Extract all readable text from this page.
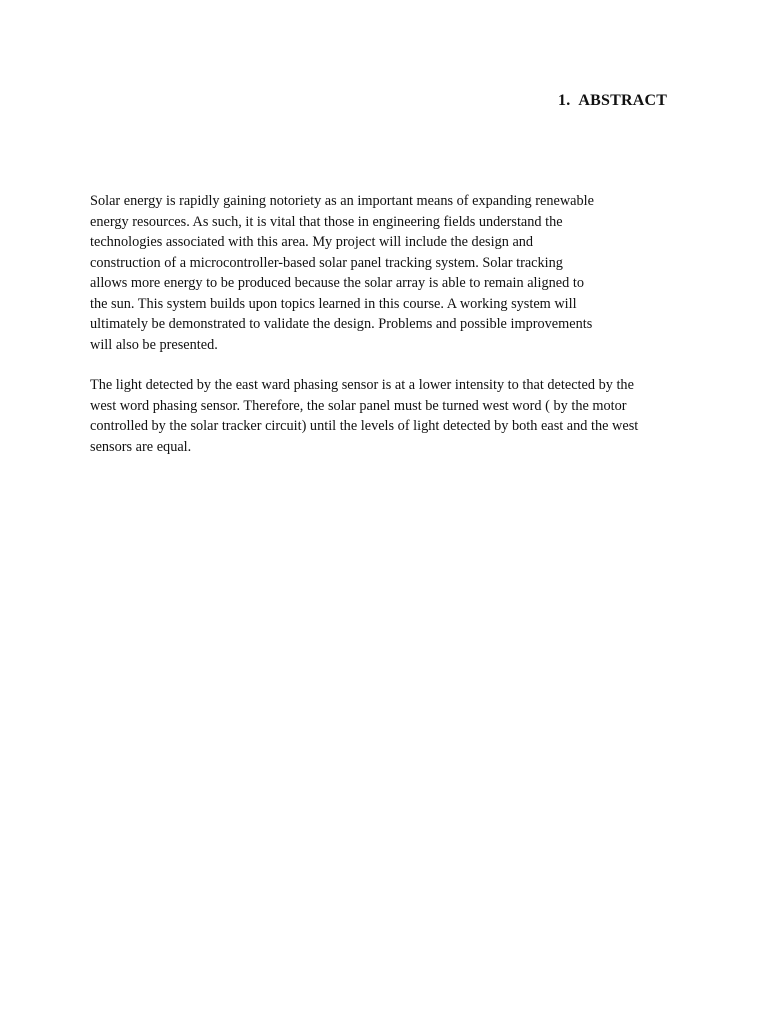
1. ABSTRACT

Solar energy is rapidly gaining notoriety as an important means of expanding renewable
energy resources. As such, it is vital that those in engineering fields understand the
technologies associated with this area. My project will include the design and
construction of a microcontroller-based solar panel tracking system. Solar tracking
allows more energy to be produced because the solar array is able to remain aligned to
the sun. This system builds upon topics learned in this course. A working system will
ultimately be demonstrated to validate the design. Problems and possible improvements
will also be presented.

The light detected by the east ward phasing sensor is at a lower intensity to that detected by the
west word phasing sensor. Therefore, the solar panel must be turned west word ( by the motor
controlled by the solar tracker circuit) until the levels of light detected by both east and the west
sensors are equal.
